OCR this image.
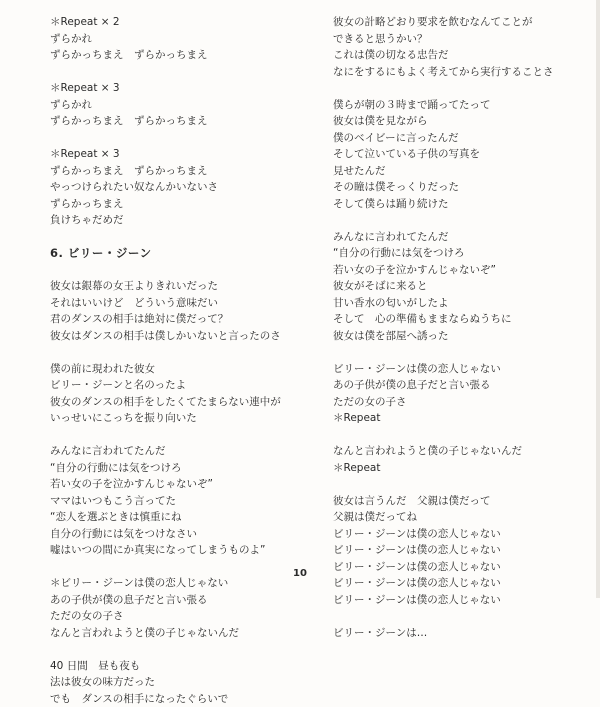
＊Repeat × 2
ずらかれ
ずらかっちまえ　ずらかっちまえ
＊Repeat × 3
ずらかれ
ずらかっちまえ　ずらかっちまえ
＊Repeat × 3
ずらかっちまえ　ずらかっちまえ
やっつけられたい奴なんかいないさ
ずらかっちまえ
負けちゃだめだ
6. ビリー・ジーン
彼女は銀幕の女王よりきれいだった
それはいいけど　どういう意味だい
君のダンスの相手は絶対に僕だって？
彼女はダンスの相手は僕しかいないと言ったのさ
僕の前に現われた彼女
ビリー・ジーンと名のったよ
彼女のダンスの相手をしたくてたまらない連中が
いっせいにこっちを振り向いた
みんなに言われてたんだ
“自分の行動には気をつけろ
若い女の子を泣かすんじゃないぞ”
ママはいつもこう言ってた
“恋人を選ぶときは慎重にね
自分の行動には気をつけなさい
嘘はいつの間にか真実になってしまうものよ”
＊ビリー・ジーンは僕の恋人じゃない
あの子供が僕の息子だと言い張る
ただの女の子さ
なんと言われようと僕の子じゃないんだ
40 日間　昼も夜も
法は彼女の味方だった
でも　ダンスの相手になったぐらいで
彼女の計略どおり要求を飲むなんてことが
できると思うかい？
これは僕の切なる忠告だ
なにをするにもよく考えてから実行することさ
僕らが朝の３時まで踊ってたって
彼女は僕を見ながら
僕のベイビーに言ったんだ
そして泣いている子供の写真を
見せたんだ
その瞳は僕そっくりだった
そして僕らは踊り続けた
みんなに言われてたんだ
“自分の行動には気をつけろ
若い女の子を泣かすんじゃないぞ”
彼女がそばに来ると
甘い香水の匂いがしたよ
そして　心の準備もままならぬうちに
彼女は僕を部屋へ誘った
ビリー・ジーンは僕の恋人じゃない
あの子供が僕の息子だと言い張る
ただの女の子さ
＊Repeat
なんと言われようと僕の子じゃないんだ
＊Repeat
彼女は言うんだ　父親は僕だって
父親は僕だってね
ビリー・ジーンは僕の恋人じゃない
ビリー・ジーンは僕の恋人じゃない
ビリー・ジーンは僕の恋人じゃない
ビリー・ジーンは僕の恋人じゃない
ビリー・ジーンは僕の恋人じゃない
ビリー・ジーンは…
10
